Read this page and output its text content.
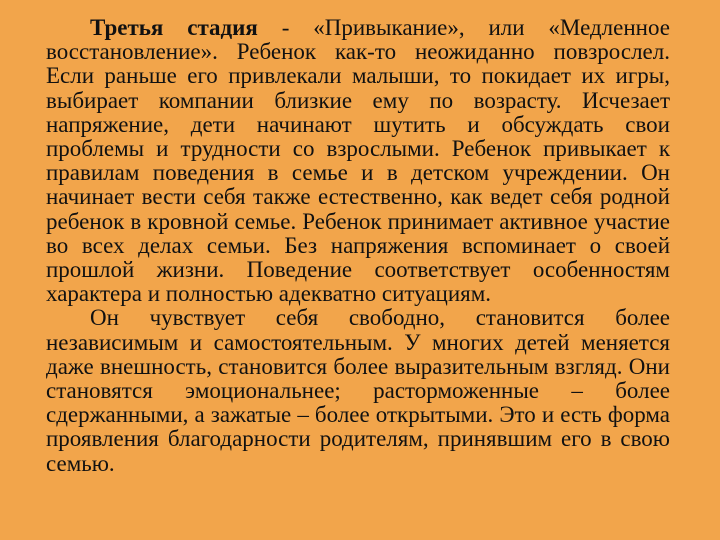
Третья стадия - «Привыкание», или «Медленное восстановление». Ребенок как-то неожиданно повзрослел. Если раньше его привлекали малыши, то покидает их игры, выбирает компании близкие ему по возрасту. Исчезает напряжение, дети начинают шутить и обсуждать свои проблемы и трудности со взрослыми. Ребенок привыкает к правилам поведения в семье и в детском учреждении. Он начинает вести себя также естественно, как ведет себя родной ребенок в кровной семье. Ребенок принимает активное участие во всех делах семьи. Без напряжения вспоминает о своей прошлой жизни. Поведение соответствует особенностям характера и полностью адекватно ситуациям.

Он чувствует себя свободно, становится более независимым и самостоятельным. У многих детей меняется даже внешность, становится более выразительным взгляд. Они становятся эмоциональнее; расторможенные – более сдержанными, а зажатые – более открытыми. Это и есть форма проявления благодарности родителям, принявшим его в свою семью.
